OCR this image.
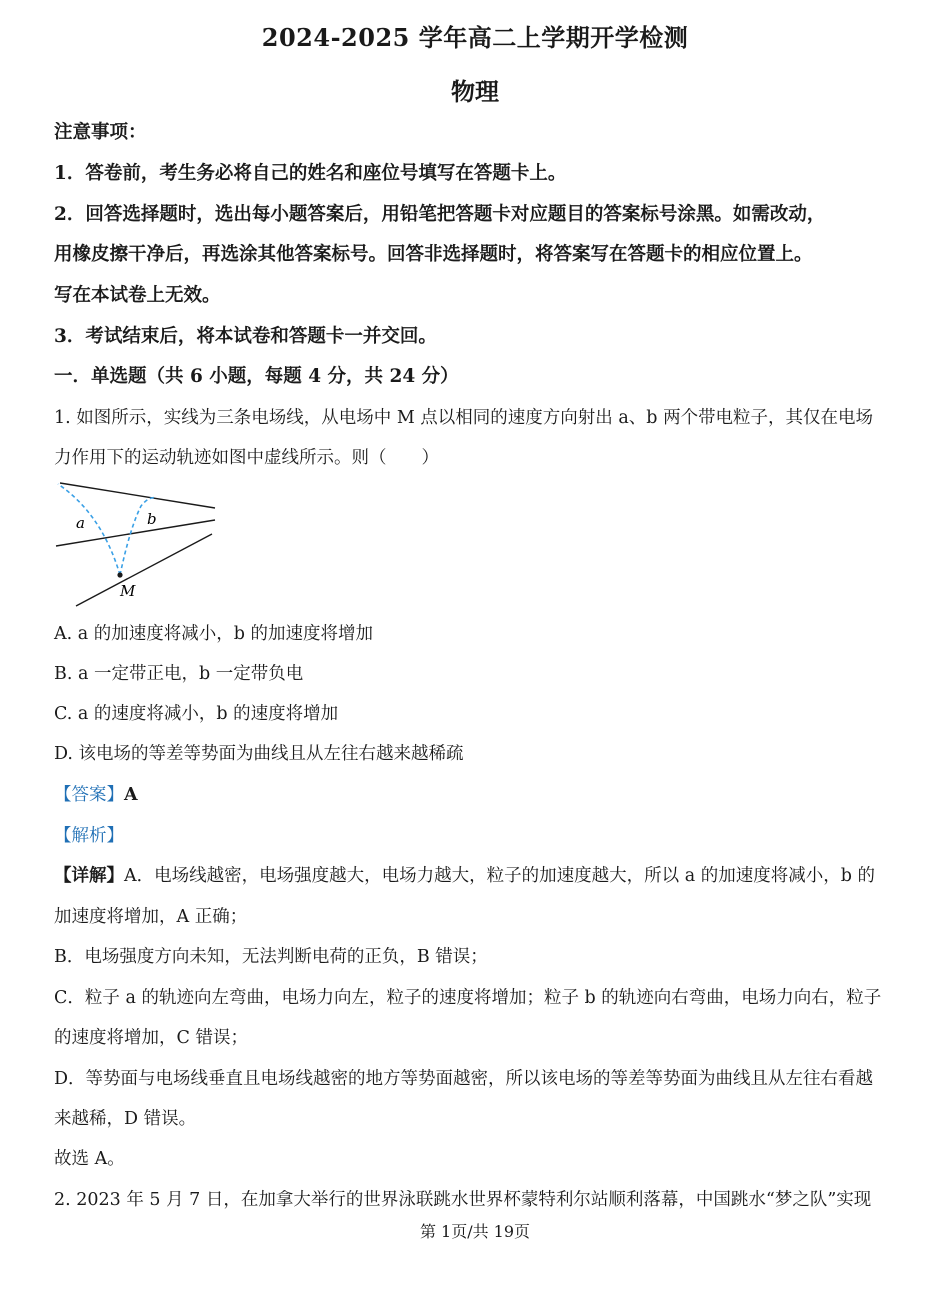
2024-2025 学年高二上学期开学检测
物理
注意事项：
1．答卷前，考生务必将自己的姓名和座位号填写在答题卡上。
2．回答选择题时，选出每小题答案后，用铅笔把答题卡对应题目的答案标号涂黑。如需改动，
用橡皮擦干净后，再选涂其他答案标号。回答非选择题时，将答案写在答题卡的相应位置上。
写在本试卷上无效。
3．考试结束后，将本试卷和答题卡一并交回。
一．单选题（共 6 小题，每题 4 分，共 24 分）
1. 如图所示，实线为三条电场线，从电场中 M 点以相同的速度方向射出 a、b 两个带电粒子，其仅在电场
力作用下的运动轨迹如图中虚线所示。则（　　）
a	b
M
A. a 的加速度将减小，b 的加速度将增加
B. a 一定带正电，b 一定带负电
C. a 的速度将减小，b 的速度将增加
D. 该电场的等差等势面为曲线且从左往右越来越稀疏
【答案】A
【解析】
【详解】A．电场线越密，电场强度越大，电场力越大，粒子的加速度越大，所以 a 的加速度将减小，b 的
加速度将增加，A 正确；
B．电场强度方向未知，无法判断电荷的正负，B 错误；
C．粒子 a 的轨迹向左弯曲，电场力向左，粒子的速度将增加；粒子 b 的轨迹向右弯曲，电场力向右，粒子
的速度将增加，C 错误；
D．等势面与电场线垂直且电场线越密的地方等势面越密，所以该电场的等差等势面为曲线且从左往右看越
来越稀，D 错误。
故选 A。
2. 2023 年 5 月 7 日，在加拿大举行的世界泳联跳水世界杯蒙特利尔站顺利落幕，中国跳水“梦之队”实现
第 1页/共 19页
